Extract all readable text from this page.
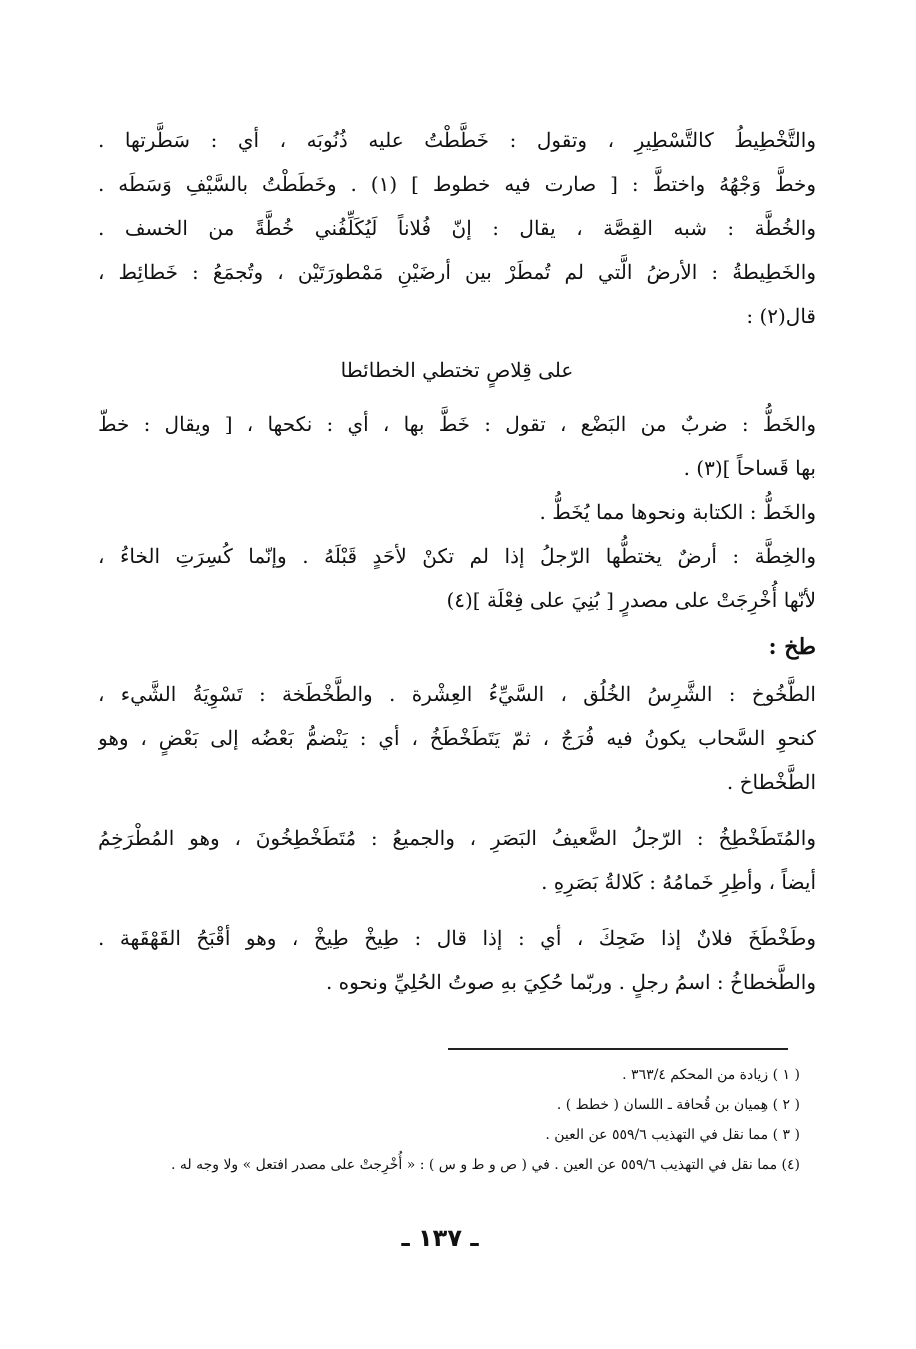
والتَّخْطِيطُ كالتَّسْطِيرِ ، وتقول : خَطَّطْتُ عليه ذُنُوبَه ، أي : سَطَّرتها .
وخطَّ وَجْهُهُ واختطَّ : [ صارت فيه خطوط ] (١) . وخَطَطْتُ بالسَّيْفِ وَسَطَه .
والخُطَّة : شبه القِصَّة ، يقال : إنّ فُلاناً لَيُكَلِّفُني خُطَّةً من الخسف .
والخَطِيطةُ : الأرضُ الَّتي لم تُمطَرْ بين أرضَيْنِ مَمْطورَتَيْن ، وتُجمَعُ : خَطائِط ،
قال(٢) :
على قِلاصٍ تختطي الخطائطا
والخَطُّ : ضربٌ من البَضْع ، تقول : خَطَّ بها ، أي : نكحها ، [ ويقال : خطّ
بها قَساحاً ](٣) .
والخَطُّ : الكتابة ونحوها مما يُخَطُّ .
والخِطَّة : أرضٌ يختطُّها الرّجلُ إذا لم تكنْ لأحَدٍ قَبْلَهُ . وإنّما كُسِرَتِ الخاءُ ،
لأنّها أُخْرِجَتْ على مصدرٍ [ بُنِيَ على فِعْلَة ](٤)
طخ :
الطَّخُوخ : الشَّرِسُ الخُلُق ، السَّيِّءُ العِشْرة . والطَّخْطَخة : تَسْوِيَةُ الشَّيء ،
كنحوِ السَّحاب يكونُ فيه فُرَجٌ ، ثمّ يَتَطَخْطَخُ ، أي : يَنْضمُّ بَعْضُه إلى بَعْضٍ ، وهو
الطَّخْطاخ .
والمُتَطَخْطِخُ : الرّجلُ الضَّعيفُ البَصَرِ ، والجميعُ : مُتَطَخْطِخُونَ ، وهو المُطْرَخِمُ
أيضاً ، وأطِرِ خَمامُهُ : كَلالةُ بَصَرِهِ .
وطَخْطَخَ فلانٌ إذا ضَحِكَ ، أي : إذا قال : طِيخْ طِيخْ ، وهو أقْبَحُ القَهْقَهة .
والطَّخطاخُ : اسمُ رجلٍ . وربّما حُكِيَ بهِ صوتُ الحُلِيِّ ونحوه .
( ١ ) زيادة من المحكم ٣٦٣/٤ .
( ٢ ) هِميان بن قُحافة ـ اللسان ( خطط ) .
( ٣ ) مما نقل في التهذيب ٥٥٩/٦ عن العين .
(٤) مما نقل في التهذيب ٥٥٩/٦ عن العين . في ( ص و ط و س ) : « أُخْرِجتْ على مصدر افتعل » ولا وجه له .
ـ ١٣٧ ـ
